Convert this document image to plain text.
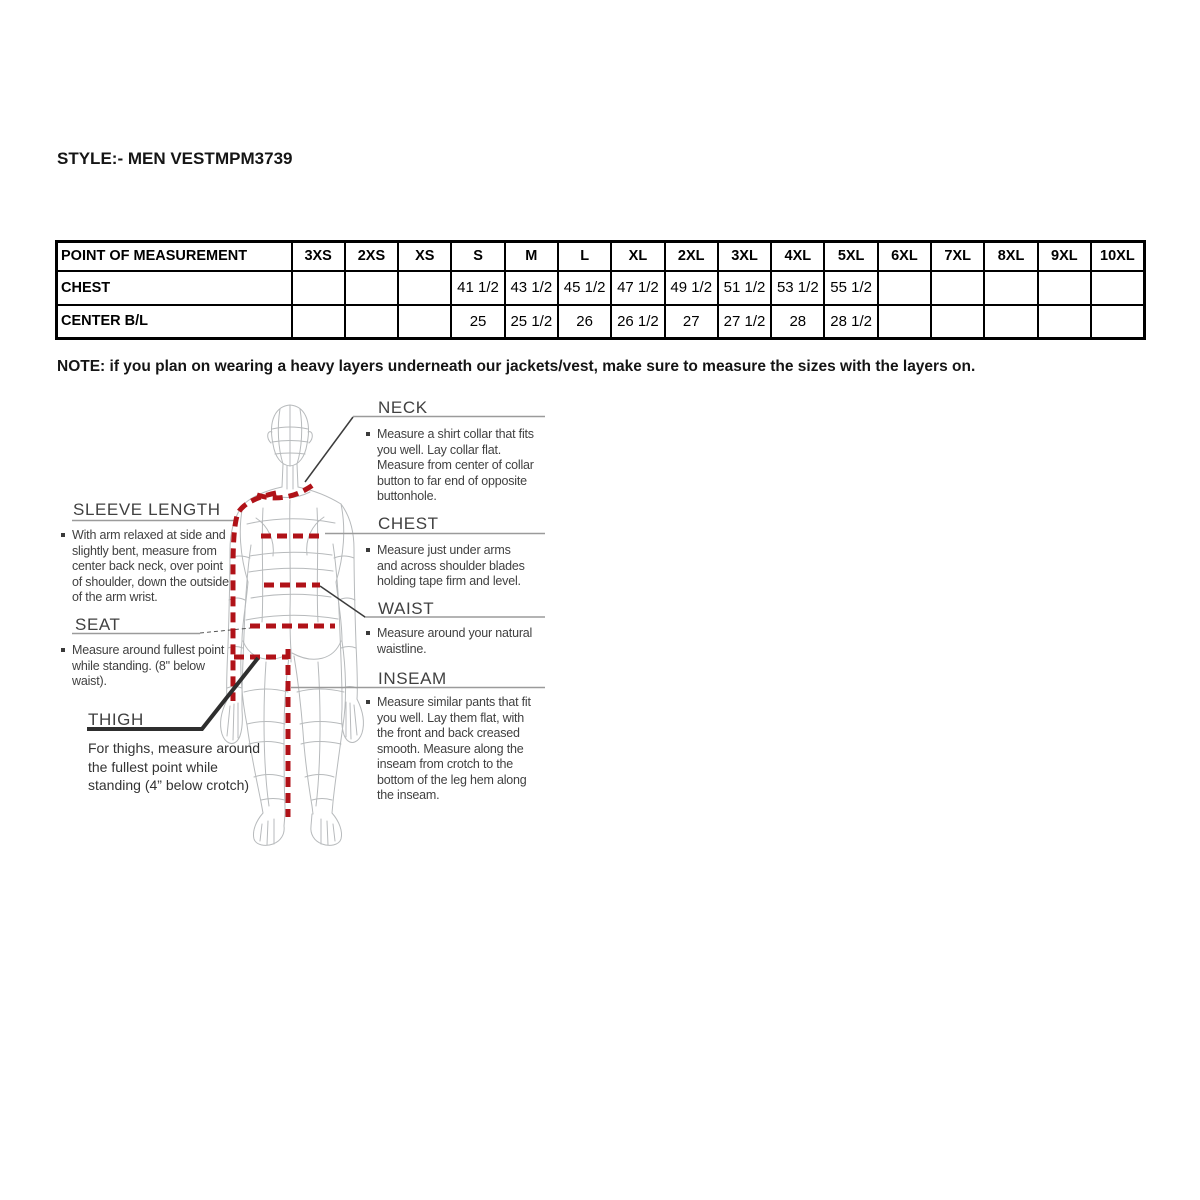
STYLE:- MEN VEST MPM3739
POINT OF MEASUREMENT	3XS	2XS	XS	S	M	L	XL	2XL	3XL	4XL	5XL	6XL	7XL	8XL	9XL	10XL
CHEST				41 1/2	43 1/2	45 1/2	47 1/2	49 1/2	51 1/2	53 1/2	55 1/2					
CENTER B/L				25	25 1/2	26	26 1/2	27	27 1/2	28	28 1/2					
NOTE: if you plan on wearing a heavy layers underneath our jackets/vest, make sure to measure the sizes with the layers on.
NECK
Measure a shirt collar that fits you well. Lay collar flat. Measure from center of collar button to far end of opposite buttonhole.
CHEST
Measure just under arms and across shoulder blades holding tape firm and level.
WAIST
Measure around your natural waistline.
INSEAM
Measure similar pants that fit you well. Lay them flat, with the front and back creased smooth. Measure along the inseam from crotch to the bottom of the leg hem along the inseam.
SLEEVE LENGTH
With arm relaxed at side and slightly bent, measure from center back neck, over point of shoulder, down the outside of the arm wrist.
SEAT
Measure around fullest point while standing. (8" below waist).
THIGH
For thighs, measure around the fullest point while standing (4” below crotch)
